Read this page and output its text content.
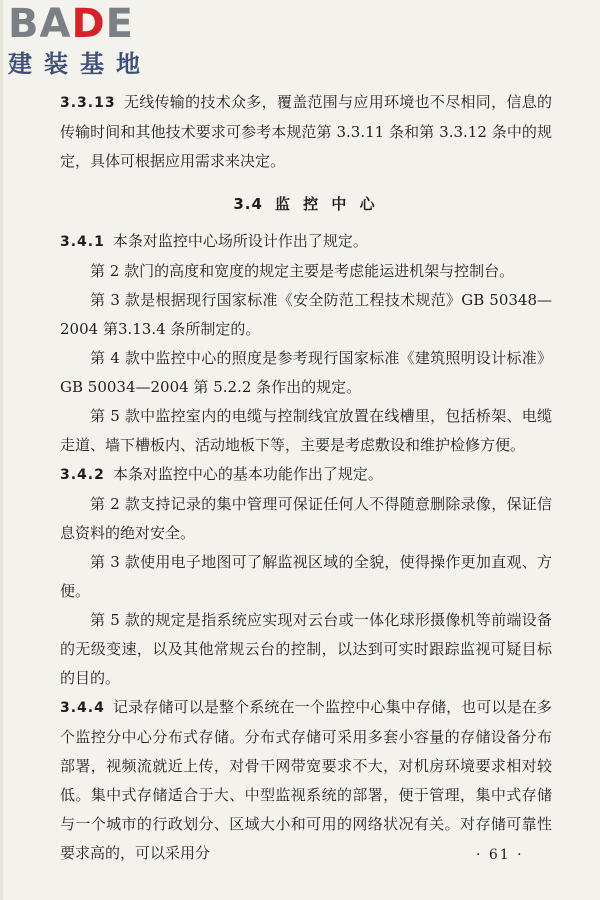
BADE
建装基地

3.3.13 无线传输的技术众多，覆盖范围与应用环境也不尽相同，信息的传输时间和其他技术要求可参考本规范第 3.3.11 条和第 3.3.12 条中的规定，具体可根据应用需求来决定。

3.4 监 控 中 心

3.4.1 本条对监控中心场所设计作出了规定。

第 2 款门的高度和宽度的规定主要是考虑能运进机架与控制台。

第 3 款是根据现行国家标准《安全防范工程技术规范》GB 50348—2004 第3.13.4 条所制定的。

第 4 款中监控中心的照度是参考现行国家标准《建筑照明设计标准》GB 50034—2004 第 5.2.2 条作出的规定。

第 5 款中监控室内的电缆与控制线宜放置在线槽里，包括桥架、电缆走道、墙下槽板内、活动地板下等，主要是考虑敷设和维护检修方便。

3.4.2 本条对监控中心的基本功能作出了规定。

第 2 款支持记录的集中管理可保证任何人不得随意删除录像，保证信息资料的绝对安全。

第 3 款使用电子地图可了解监视区域的全貌，使得操作更加直观、方便。

第 5 款的规定是指系统应实现对云台或一体化球形摄像机等前端设备的无级变速，以及其他常规云台的控制，以达到可实时跟踪监视可疑目标的目的。

3.4.4 记录存储可以是整个系统在一个监控中心集中存储，也可以是在多个监控分中心分布式存储。分布式存储可采用多套小容量的存储设备分布部署，视频流就近上传，对骨干网带宽要求不大，对机房环境要求相对较低。集中式存储适合于大、中型监视系统的部署，便于管理，集中式存储与一个城市的行政划分、区域大小和可用的网络状况有关。对存储可靠性要求高的，可以采用分	· 61 ·
